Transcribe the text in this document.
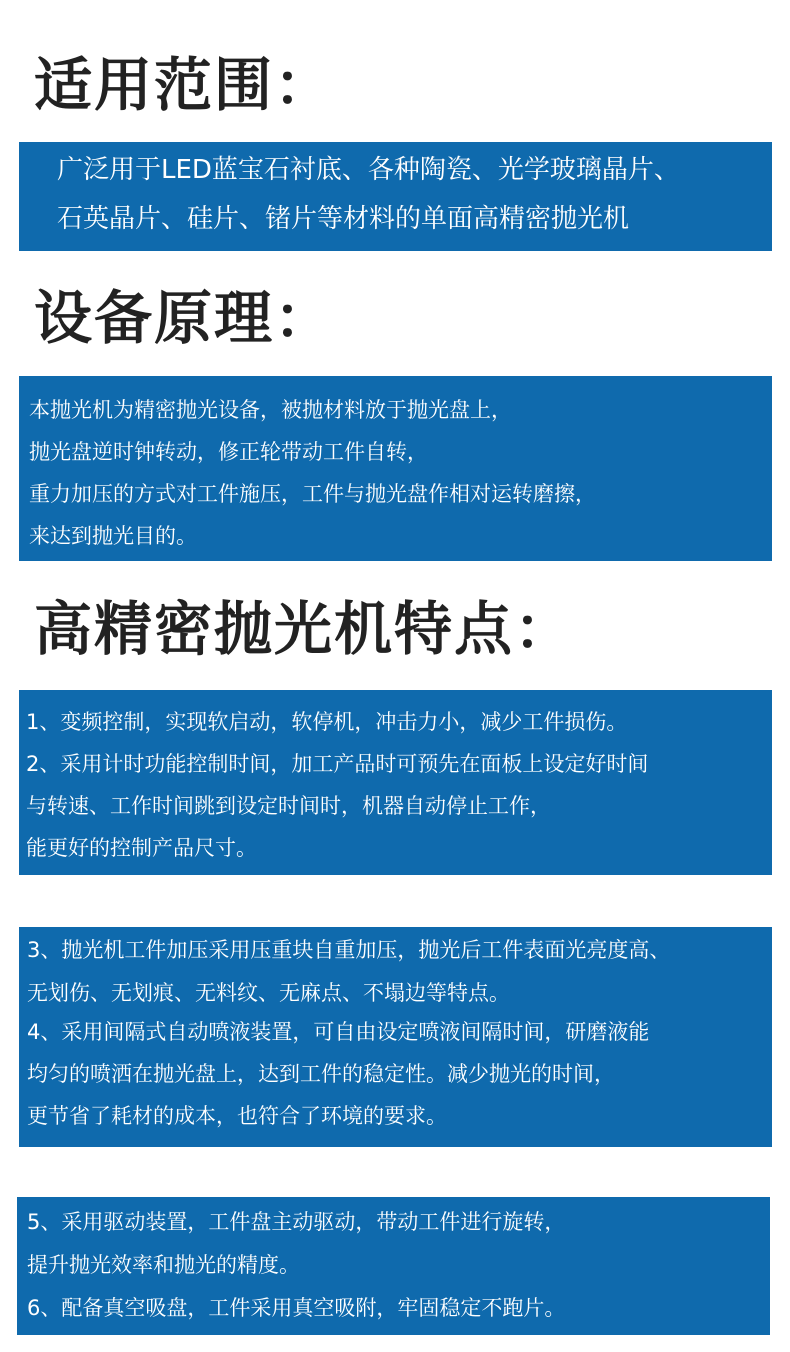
适用范围：
广泛用于LED蓝宝石衬底、各种陶瓷、光学玻璃晶片、
石英晶片、硅片、锗片等材料的单面高精密抛光机
设备原理：
本抛光机为精密抛光设备，被抛材料放于抛光盘上，
抛光盘逆时钟转动，修正轮带动工件自转，
重力加压的方式对工件施压，工件与抛光盘作相对运转磨擦，
来达到抛光目的。
高精密抛光机特点：
1、变频控制，实现软启动，软停机，冲击力小，减少工件损伤。
2、采用计时功能控制时间，加工产品时可预先在面板上设定好时间
与转速、工作时间跳到设定时间时，机器自动停止工作，
能更好的控制产品尺寸。
3、抛光机工件加压采用压重块自重加压，抛光后工件表面光亮度高、
无划伤、无划痕、无料纹、无麻点、不塌边等特点。
4、采用间隔式自动喷液装置，可自由设定喷液间隔时间，研磨液能
均匀的喷洒在抛光盘上，达到工件的稳定性。减少抛光的时间，
更节省了耗材的成本，也符合了环境的要求。
5、采用驱动装置，工件盘主动驱动，带动工件进行旋转，
提升抛光效率和抛光的精度。
6、配备真空吸盘，工件采用真空吸附，牢固稳定不跑片。
